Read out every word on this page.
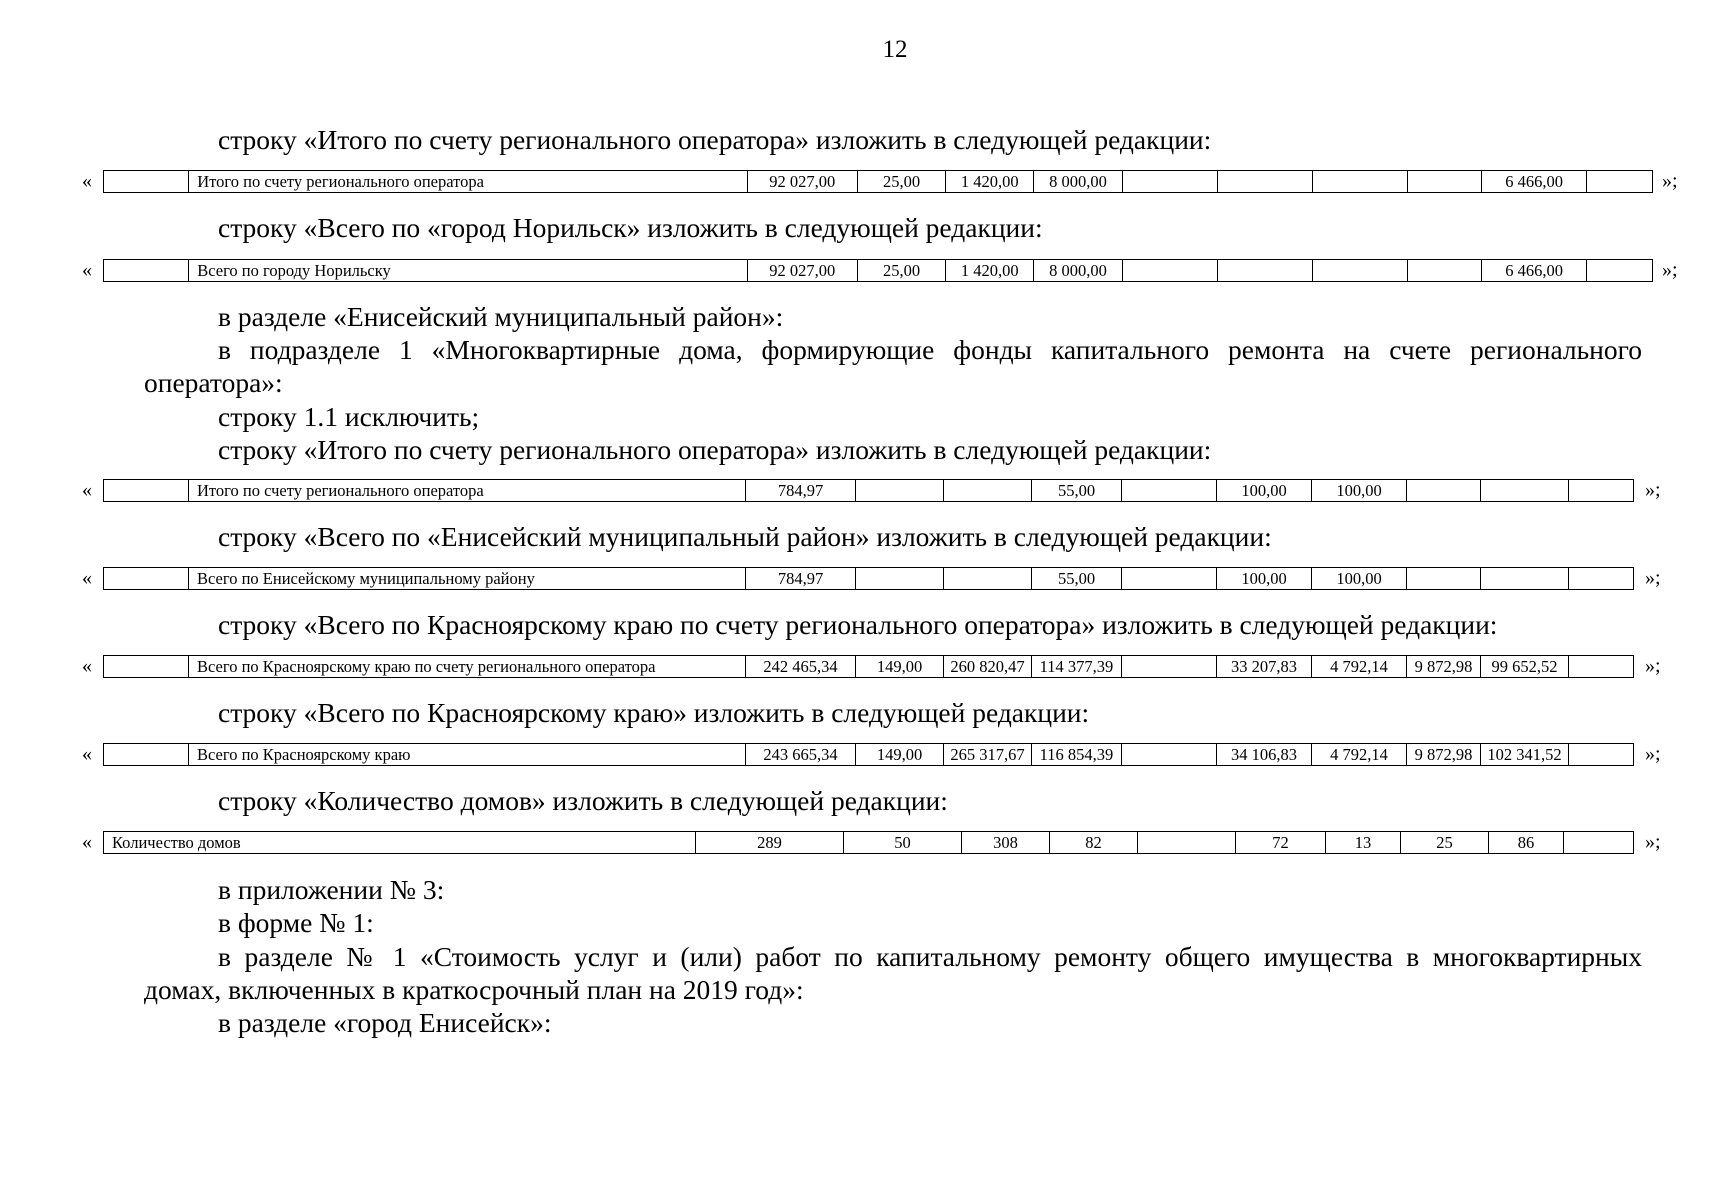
12
строку «Итого по счету регионального оператора» изложить в следующей редакции:
«
		Итого по счету регионального оператора	92 027,00	25,00	1 420,00	8 000,00					6 466,00		»;
строку «Всего по «город Норильск» изложить в следующей редакции:
«
		Всего по городу Норильску	92 027,00	25,00	1 420,00	8 000,00					6 466,00		»;
в разделе «Енисейский муниципальный район»:
в подразделе 1 «Многоквартирные дома, формирующие фонды капитального ремонта на счете регионального
оператора»:
строку 1.1 исключить;
строку «Итого по счету регионального оператора» изложить в следующей редакции:
«
		Итого по счету регионального оператора	784,97			55,00		100,00	100,00				»;
строку «Всего по «Енисейский муниципальный район» изложить в следующей редакции:
«
		Всего по Енисейскому муниципальному району	784,97			55,00		100,00	100,00				»;
строку «Всего по Красноярскому краю по счету регионального оператора» изложить в следующей редакции:
«
		Всего по Красноярскому краю по счету регионального оператора	242 465,34	149,00	260 820,47	114 377,39		33 207,83	4 792,14	9 872,98	99 652,52		»;
строку «Всего по Красноярскому краю» изложить в следующей редакции:
«
		Всего по Красноярскому краю	243 665,34	149,00	265 317,67	116 854,39		34 106,83	4 792,14	9 872,98	102 341,52		»;
строку «Количество домов» изложить в следующей редакции:
« Количество домов	289	50	308	82		72	13	25	86		»;
в приложении № 3:
в форме № 1:
в разделе № 1 «Стоимость услуг и (или) работ по капитальному ремонту общего имущества в многоквартирных
домах, включенных в краткосрочный план на 2019 год»:
в разделе «город Енисейск»:
